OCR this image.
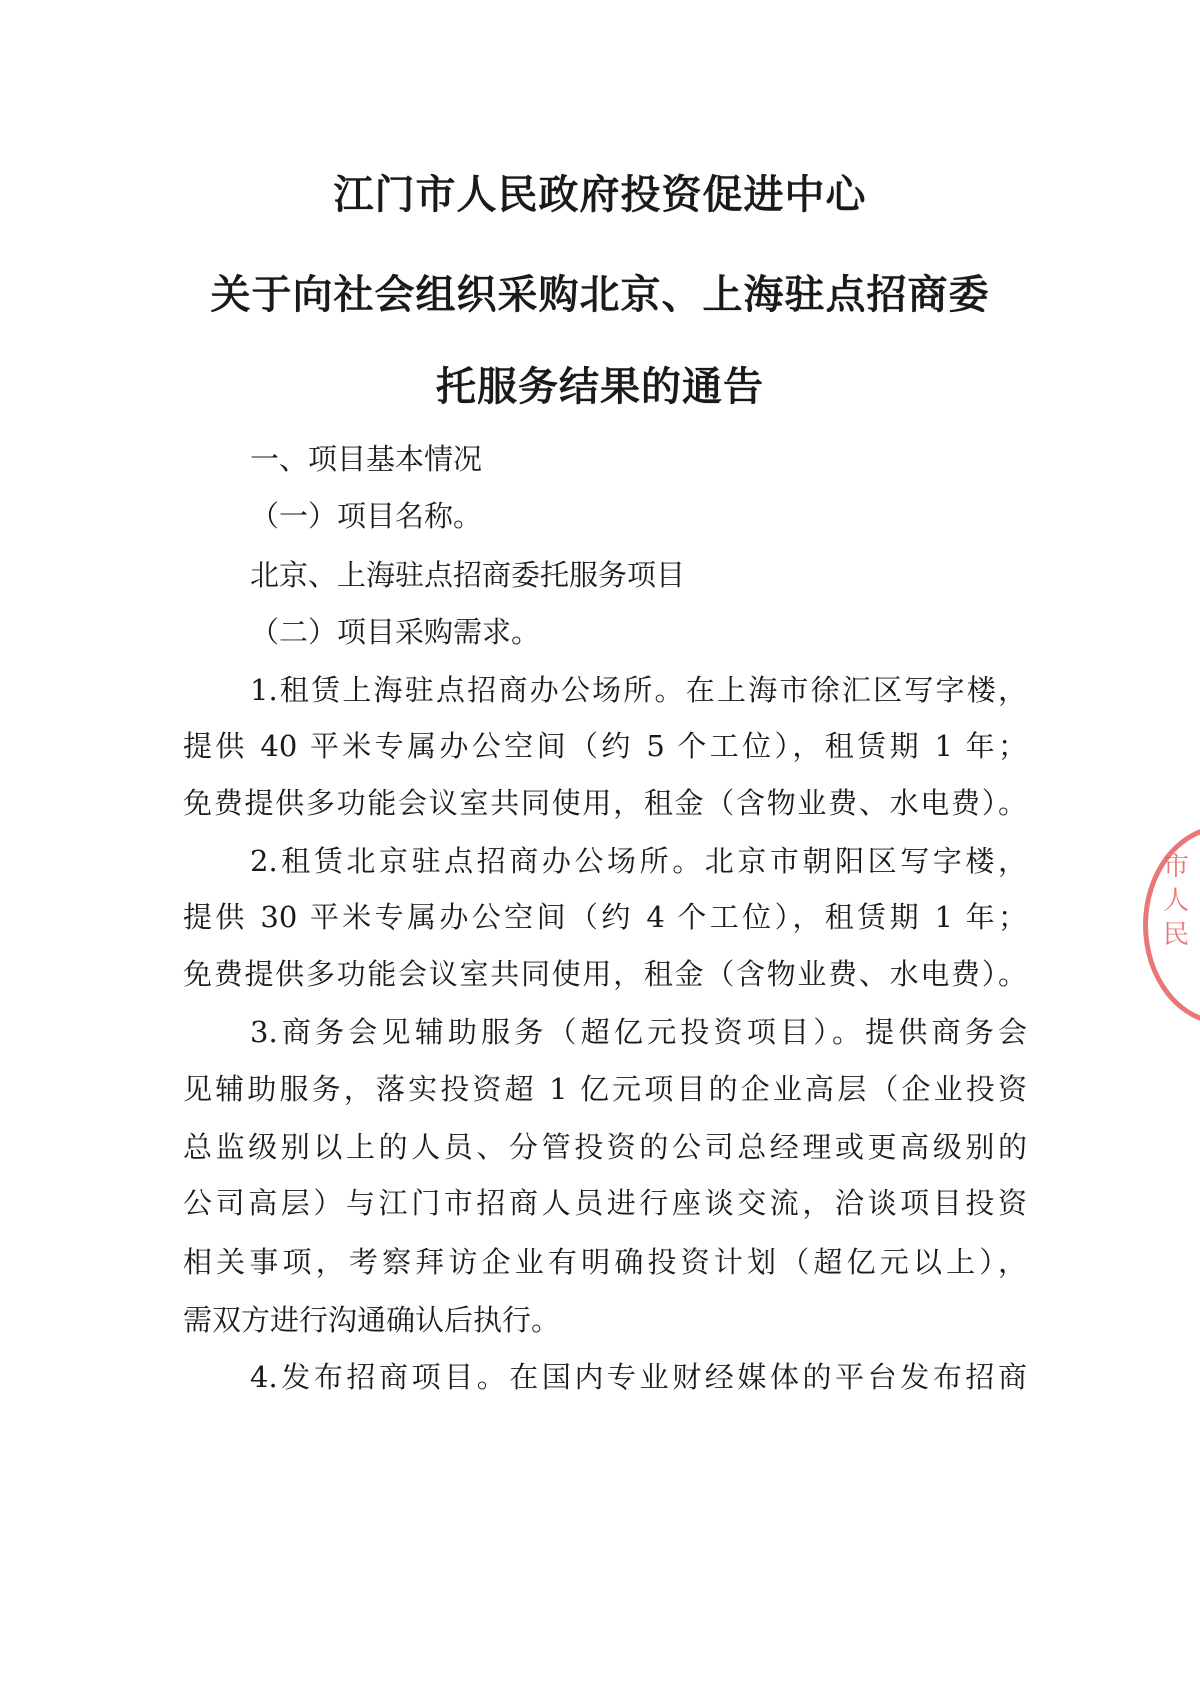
江门市人民政府投资促进中心
关于向社会组织采购北京、上海驻点招商委
托服务结果的通告

一、项目基本情况

（一）项目名称。

北京、上海驻点招商委托服务项目

（二）项目采购需求。

1.租赁上海驻点招商办公场所。在上海市徐汇区写字楼，

提供 40 平米专属办公空间（约 5 个工位），租赁期 1 年；

免费提供多功能会议室共同使用，租金（含物业费、水电费）。

2.租赁北京驻点招商办公场所。北京市朝阳区写字楼，

提供 30 平米专属办公空间（约 4 个工位），租赁期 1 年；

免费提供多功能会议室共同使用，租金（含物业费、水电费）。

3.商务会见辅助服务（超亿元投资项目）。提供商务会

见辅助服务，落实投资超 1 亿元项目的企业高层（企业投资

总监级别以上的人员、分管投资的公司总经理或更高级别的

公司高层）与江门市招商人员进行座谈交流，洽谈项目投资

相关事项，考察拜访企业有明确投资计划（超亿元以上），

需双方进行沟通确认后执行。

4.发布招商项目。在国内专业财经媒体的平台发布招商

市人民
